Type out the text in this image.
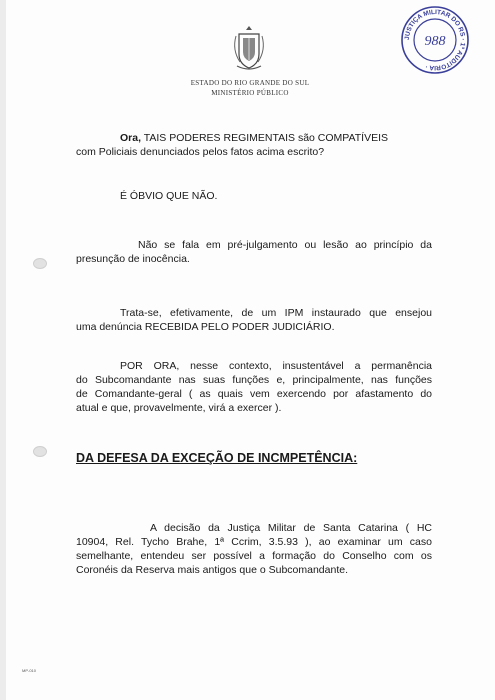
ESTADO DO RIO GRANDE DO SUL
MINISTÉRIO PÚBLICO
JUSTIÇA MILITAR DO RS · 1ª AUDITORIA ·
988
Ora, TAIS PODERES REGIMENTAIS são COMPATÍVEIS
com Policiais denunciados pelos fatos acima escrito?
É ÓBVIO QUE NÃO.
Não se fala em pré-julgamento ou lesão ao princípio da
presunção de inocência.
Trata-se, efetivamente, de um IPM instaurado que ensejou
uma denúncia RECEBIDA PELO PODER JUDICIÁRIO.
POR ORA, nesse contexto, insustentável a permanência
do Subcomandante nas suas funções e, principalmente, nas funções
de Comandante-geral ( as quais vem exercendo por afastamento do
atual e que, provavelmente, virá a exercer ).
DA DEFESA DA EXCEÇÃO DE INCMPETÊNCIA:
A decisão da Justiça Militar de Santa Catarina ( HC
10904, Rel. Tycho Brahe, 1ª Ccrim, 3.5.93 ), ao examinar um caso
semelhante, entendeu ser possível a formação do Conselho com os
Coronéis da Reserva mais antigos que o Subcomandante.
MP-010
